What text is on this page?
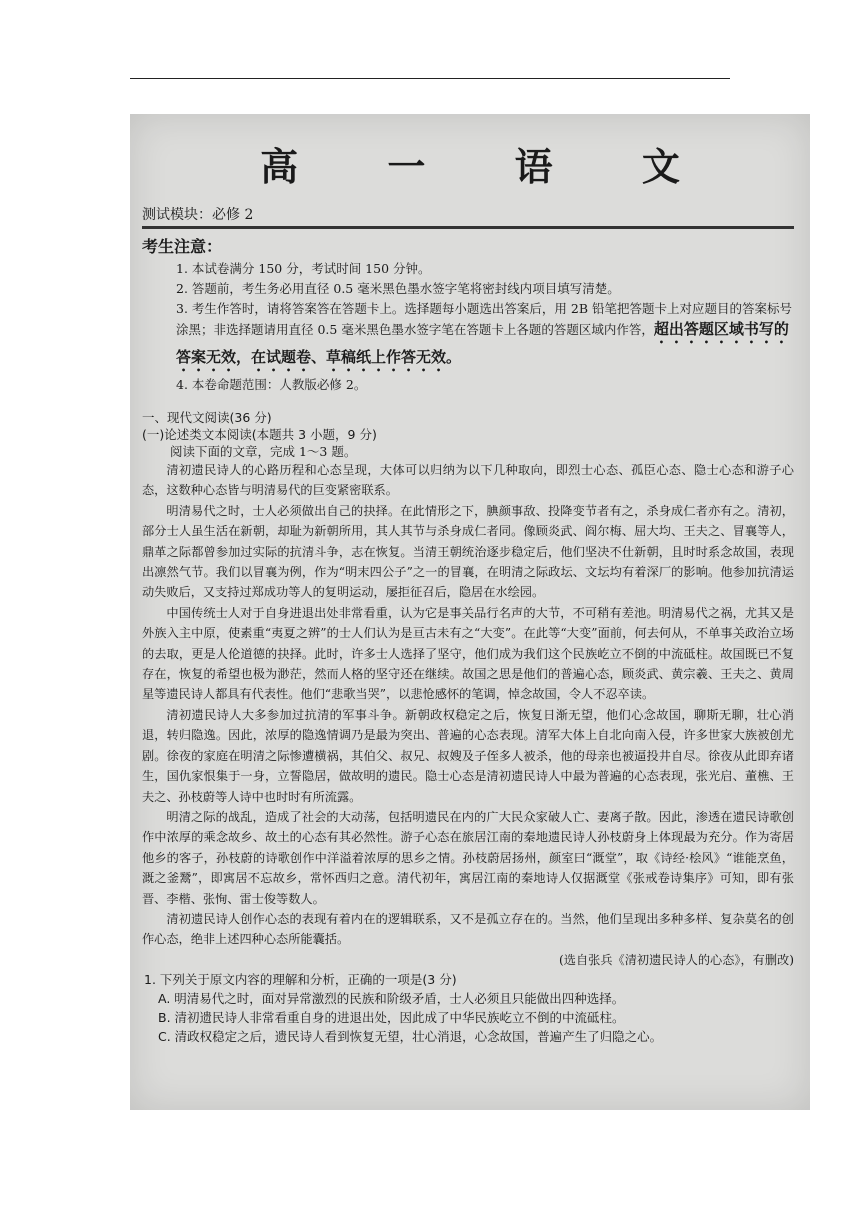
高 一 语 文
测试模块：必修 2
考生注意：
1. 本试卷满分 150 分，考试时间 150 分钟。
2. 答题前，考生务必用直径 0.5 毫米黑色墨水签字笔将密封线内项目填写清楚。
3. 考生作答时，请将答案答在答题卡上。选择题每小题选出答案后，用 2B 铅笔把答题卡上对应题目的答案标号涂黑；非选择题请用直径 0.5 毫米黑色墨水签字笔在答题卡上各题的答题区域内作答，超出答题区域书写的答案无效，在试题卷、草稿纸上作答无效。
4. 本卷命题范围：人教版必修 2。
一、现代文阅读(36 分)
(一)论述类文本阅读(本题共 3 小题，9 分)
阅读下面的文章，完成 1～3 题。

清初遗民诗人的心路历程和心态呈现，大体可以归纳为以下几种取向，即烈士心态、孤臣心态、隐士心态和游子心态，这数种心态皆与明清易代的巨变紧密联系。

明清易代之时，士人必须做出自己的抉择。在此情形之下，腆颜事敌、投降变节者有之，杀身成仁者亦有之。清初，部分士人虽生活在新朝，却耻为新朝所用，其人其节与杀身成仁者同。像顾炎武、阎尔梅、屈大均、王夫之、冒襄等人，鼎革之际都曾参加过实际的抗清斗争，志在恢复。当清王朝统治逐步稳定后，他们坚决不仕新朝，且时时系念故国，表现出凛然气节。我们以冒襄为例，作为“明末四公子”之一的冒襄，在明清之际政坛、文坛均有着深厂的影响。他参加抗清运动失败后，又支持过郑成功等人的复明运动，屡拒征召后，隐居在水绘园。

中国传统士人对于自身进退出处非常看重，认为它是事关品行名声的大节，不可稍有差池。明清易代之祸，尤其又是外族入主中原，使素重“夷夏之辨”的士人们认为是亘古未有之“大变”。在此等“大变”面前，何去何从，不单事关政治立场的去取，更是人伦道德的抉择。此时，许多士人选择了坚守，他们成为我们这个民族屹立不倒的中流砥柱。故国既已不复存在，恢复的希望也极为渺茫，然而人格的坚守还在继续。故国之思是他们的普遍心态，顾炎武、黄宗羲、王夫之、黄周星等遗民诗人都具有代表性。他们“悲歌当哭”，以悲怆感怀的笔调，悼念故国，令人不忍卒读。

清初遗民诗人大多参加过抗清的军事斗争。新朝政权稳定之后，恢复日渐无望，他们心念故国，聊斯无聊，壮心消退，转归隐逸。因此，浓厚的隐逸情调乃是最为突出、普遍的心态表现。清军大体上自北向南入侵，许多世家大族被创尤剧。徐夜的家庭在明清之际惨遭横祸，其伯父、叔兄、叔嫂及子侄多人被杀，他的母亲也被逼投井自尽。徐夜从此即弃诸生，国仇家恨集于一身，立誓隐居，做故明的遗民。隐士心态是清初遗民诗人中最为普遍的心态表现，张光启、董樵、王夫之、孙枝蔚等人诗中也时时有所流露。

明清之际的战乱，造成了社会的大动荡，包括明遗民在内的广大民众家破人亡、妻离子散。因此，渗透在遗民诗歌创作中浓厚的乘念故乡、故土的心态有其必然性。游子心态在旅居江南的秦地遗民诗人孙枝蔚身上体现最为充分。作为寄居他乡的客子，孙枝蔚的诗歌创作中洋溢着浓厚的思乡之情。孙枝蔚居扬州，颜室曰“溉堂”，取《诗经·桧风》“谁能烹鱼，溉之釜鬵”，即寓居不忘故乡，常怀西归之意。清代初年，寓居江南的秦地诗人仅据溉堂《张戒卷诗集序》可知，即有张晋、李楷、张恂、雷士俊等数人。

清初遗民诗人创作心态的表现有着内在的逻辑联系，又不是孤立存在的。当然，他们呈现出多种多样、复杂莫名的创作心态，绝非上述四种心态所能囊括。

(选自张兵《清初遗民诗人的心态》，有删改)
1. 下列关于原文内容的理解和分析，正确的一项是(3 分)
A. 明清易代之时，面对异常激烈的民族和阶级矛盾，士人必须且只能做出四种选择。
B. 清初遗民诗人非常看重自身的进退出处，因此成了中华民族屹立不倒的中流砥柱。
C. 清政权稳定之后，遗民诗人看到恢复无望，壮心消退，心念故国，普遍产生了归隐之心。
